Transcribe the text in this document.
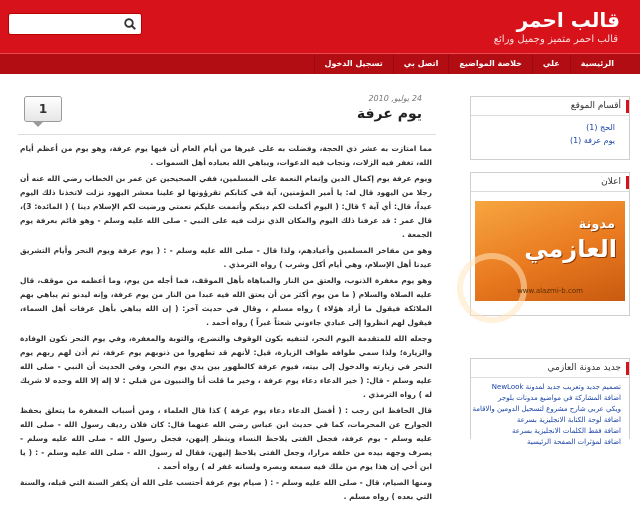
قالب احمر
قالب احمر متميز وجميل ورائع
الرئيسية
علي
خلاصة المواضيع
اتصل بي
تسجيل الدخول
1
24 يوليو, 2010
يوم عرفة

مما امتازت به عشر ذي الحجة، وفضلت به على غيرها من أيام العام أن فيها يوم عرفة، وهو يوم من أعظم أيام الله، تغفر فيه الزلات، وتجاب فيه الدعوات، ويباهي الله بعباده أهل السموات .

ويوم عرفة يوم إكمال الدين وإتمام النعمة على المسلمين، ففي الصحيحين عن عمر بن الخطاب رضي الله عنه أن رجلا من اليهود قال له: يا أمير المؤمنين، آية في كتابكم تقرؤونها لو علينا معشر اليهود نزلت لاتخذنا ذلك اليوم عيداً، قال: أي آية ؟ قال: ( اليوم أكملت لكم دينكم وأتممت عليكم نعمتي ورضيت لكم الإسلام دينا ) ( المائدة: 3)، قال عمر : قد عرفنا ذلك اليوم والمكان الذي نزلت فيه على النبي - صلى الله عليه وسلم - وهو قائم بعرفة يوم الجمعة .

وهو من مفاخر المسلمين وأعيادهم، ولذا قال - صلى الله عليه وسلم - : ( يوم عرفة ويوم النحر وأيام التشريق عيدنا أهل الإسلام، وهي أيام أكل وشرب ) رواه الترمذي .

وهو يوم مغفرة الذنوب، والعتق من النار والمباهاة بأهل الموقف، فما أجله من يوم، وما أعظمه من موقف، قال عليه الصلاة والسلام ( ما من يوم أكثر من أن يعتق الله فيه عبدا من النار من يوم عرفة، وإنه ليدنو ثم يباهي بهم الملائكة فيقول ما أراد هؤلاء ) رواه مسلم ، وقال في حديث آخر: ( إن الله يباهي بأهل عرفات أهل السماء، فيقول لهم انظروا إلى عبادي جاءوني شعثاً غبراً ) رواه أحمد .

وجعله الله للمتقدمة اليوم النحر، لتنفيه بكون الوقوف والتضرع، والتوبة والمغفرة، وفي يوم النحر تكون الوفادة والزيارة؛ ولذا سمي طوافه طواف الزيارة، قيل: لأنهم قد تطهروا من ذنوبهم يوم عرفة، ثم أذن لهم ربهم يوم النحر في زيارته والدخول إلى بيته، فيوم عرفة كالطهور بين يدي يوم النحر، وفي الحديث أن النبي - صلى الله عليه وسلم - قال: ( خير الدعاء دعاء يوم عرفة ، وخير ما قلت أنا والنبيون من قبلي : لا إله إلا الله وحده لا شريك له ) رواه الترمذي .

قال الحافظ ابن رجب : ( أفضل الدعاء دعاء يوم عرفة ) كذا قال العلماء ، ومن أسباب المغفرة ما يتعلق بحفظ الجوارح عن المحرمات، كما في حديث ابن عباس رضي الله عنهما قال: كان فلان رديف رسول الله - صلى الله عليه وسلم - يوم عرفة، فجعل الفتى يلاحظ النساء وينظر إليهن، فجعل رسول الله - صلى الله عليه وسلم - يصرف وجهه بيده من خلفه مرارا، وجعل الفتى يلاحظ إليهن، فقال له رسول الله - صلى الله عليه وسلم - : ( يا ابن أخي إن هذا يوم من ملك فيه سمعه وبصره ولسانه غفر له ) رواه أحمد .

ومنها الصيام، قال - صلى الله عليه وسلم - : ( صيام يوم عرفة أحتسب على الله أن يكفر السنة التي قبله، والسنة التي بعده ) رواه مسلم .

أقسام الموقع
الحج (1)
يوم عرفة (1)
اعلان
مدونة
العازمي
www.alazmi-b.com
جديد مدونة العازمي
تصميم جديد وتعريب جديد لمدونة NewLook
اضافة المشاركة في مواضيع مدونات بلوجر
ويكي عربي شارح مشروع لتسجيل الدومين والاقامة
اضافة لوحة الكتابة الانجليزية بسرعة
اضافة فقط الكلمات الانجليزية بسرعة
اضافة لمؤثرات الصفحة الرئيسية
